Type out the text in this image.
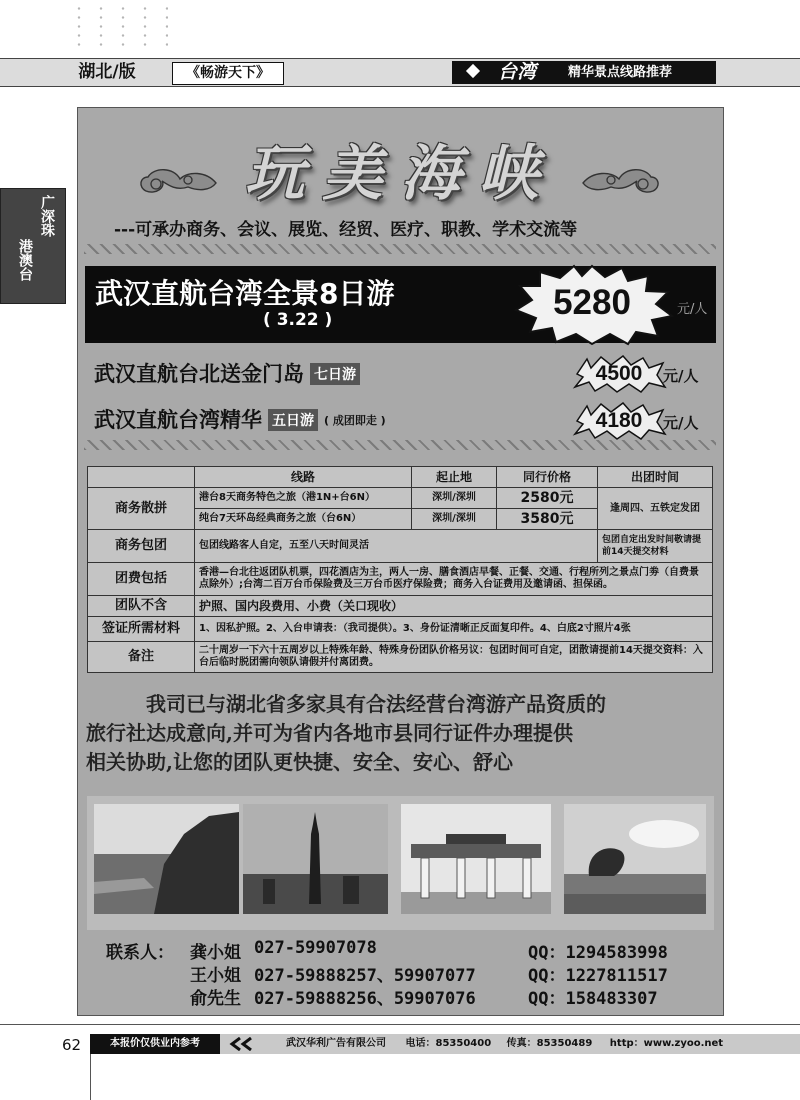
湖北/版	《畅游天下》	台湾 精华景点线路推荐
广深珠
港澳台
玩美海峡
---可承办商务、会议、展览、经贸、医疗、职教、学术交流等
武汉直航台湾全景8日游
( 3.22 )	5280	元/人
武汉直航台北送金门岛 七日游	4500	元/人
武汉直航台湾精华 五日游 ( 成团即走 )	4180	元/人
	线路	起止地	同行价格	出团时间
商务散拼	港台8天商务特色之旅（港1N+台6N）	深圳/深圳	2580元	逢周四、五铁定发团
	纯台7天环岛经典商务之旅（台6N）	深圳/深圳	3580元	
商务包团	包团线路客人自定，五至八天时间灵活			包团自定出发时间敬请提前14天提交材料
团费包括	香港—台北往返团队机票，四花酒店为主，两人一房、膳食酒店早餐、正餐、交通、行程所列之景点门劵（自费景点除外）;台湾二百万台币保险费及三万台币医疗保险费；商务入台证费用及邀请函、担保函。			
团队不含	护照、国内段费用、小费（关口现收）			
签证所需材料	1、因私护照。2、入台申请表：（我司提供）。3、身份证清晰正反面复印件。4、白底2寸照片4张			
备注	二十周岁一下六十五周岁以上特殊年龄、特殊身份团队价格另议：包团时间可自定，团散请提前14天提交资料：入台后临时脱团需向领队请假并付离团费。			
我司已与湖北省多家具有合法经营台湾游产品资质的
旅行社达成意向,并可为省内各地市县同行证件办理提供
相关协助,让您的团队更快捷、安全、安心、舒心
联系人： 龚小姐 027-59907078	QQ：1294583998
王小姐 027-59888257、59907077	QQ：1227811517
俞先生 027-59888256、59907076	QQ：158483307
62	本报价仅供业内参考	武汉华利广告有限公司 电话：85350400 传真：85350489 http：www.zyoo.net
